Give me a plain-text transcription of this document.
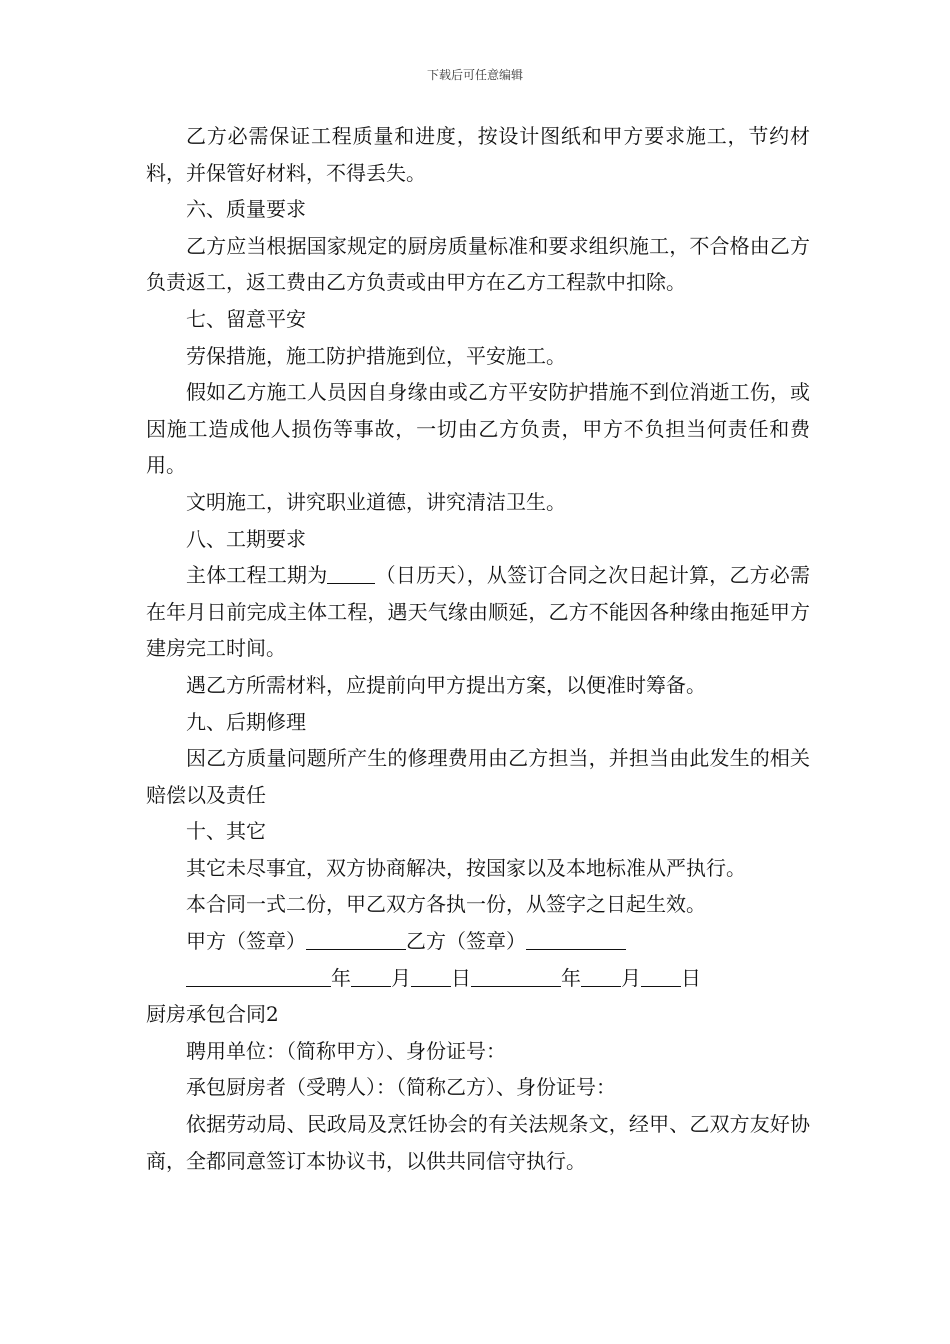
下载后可任意编辑

乙方必需保证工程质量和进度，按设计图纸和甲方要求施工，节约材料，并保管好材料，不得丢失。

六、质量要求

乙方应当根据国家规定的厨房质量标准和要求组织施工，不合格由乙方负责返工，返工费由乙方负责或由甲方在乙方工程款中扣除。

七、留意平安

劳保措施，施工防护措施到位，平安施工。

假如乙方施工人员因自身缘由或乙方平安防护措施不到位消逝工伤，或因施工造成他人损伤等事故，一切由乙方负责，甲方不负担当何责任和费用。

文明施工，讲究职业道德，讲究清洁卫生。

八、工期要求

主体工程工期为 （日历天），从签订合同之次日起计算，乙方必需在年月日前完成主体工程，遇天气缘由顺延，乙方不能因各种缘由拖延甲方建房完工时间。

遇乙方所需材料，应提前向甲方提出方案，以便准时筹备。

九、后期修理

因乙方质量问题所产生的修理费用由乙方担当，并担当由此发生的相关赔偿以及责任

十、其它

其它未尽事宜，双方协商解决，按国家以及本地标准从严执行。

本合同一式二份，甲乙双方各执一份，从签字之日起生效。

甲方（签章）	乙方（签章）

年 月 日	年 月 日

厨房承包合同2

聘用单位：（简称甲方）、身份证号：

承包厨房者（受聘人）：（简称乙方）、身份证号：

依据劳动局、民政局及烹饪协会的有关法规条文，经甲、乙双方友好协商，全都同意签订本协议书，以供共同信守执行。
